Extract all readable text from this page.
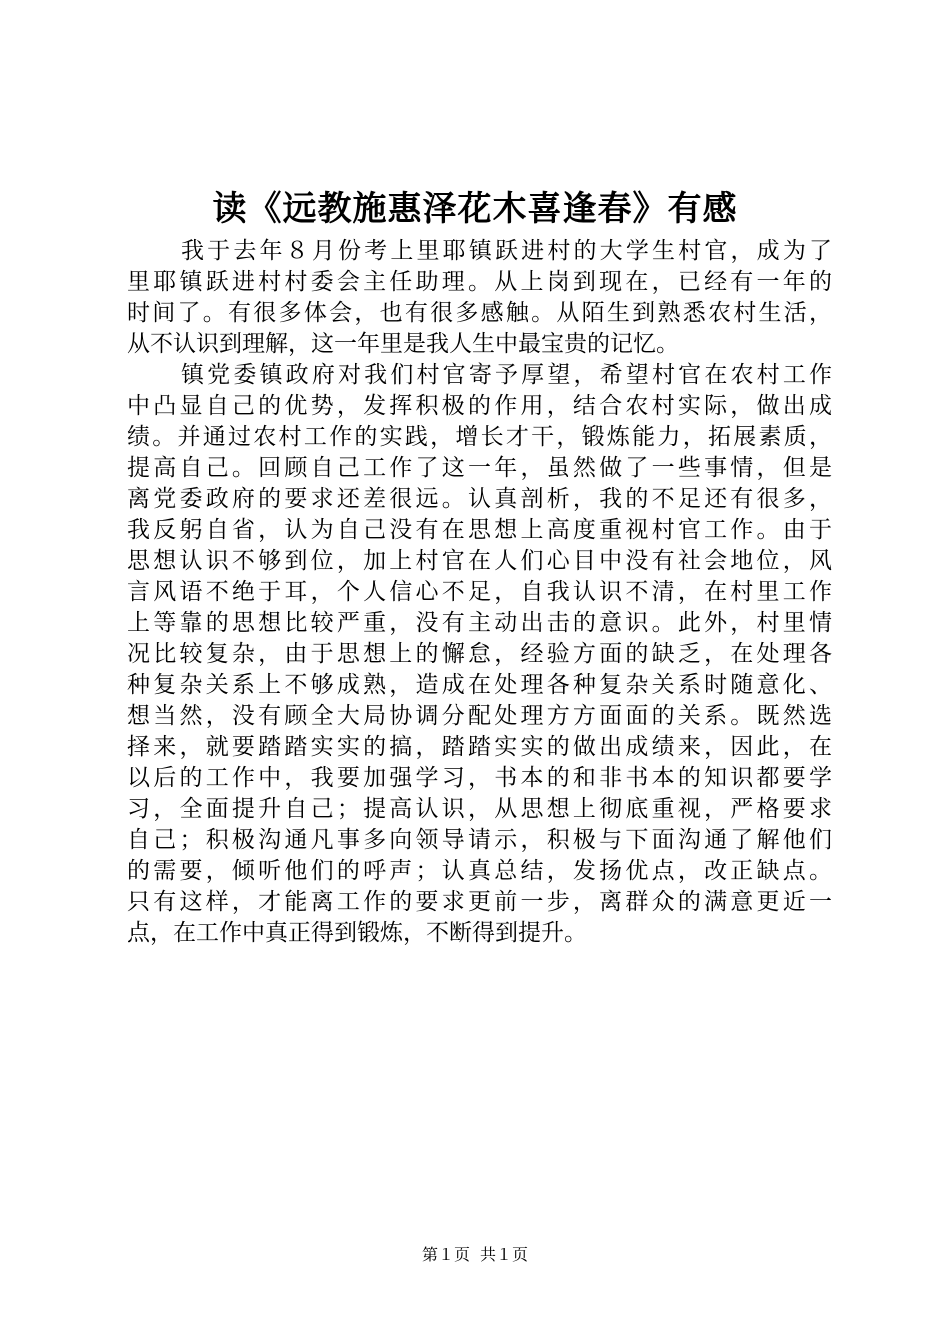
读《远教施惠泽花木喜逢春》有感
我于去年８月份考上里耶镇跃进村的大学生村官，成为了
里耶镇跃进村村委会主任助理。从上岗到现在，已经有一年的
时间了。有很多体会，也有很多感触。从陌生到熟悉农村生活，
从不认识到理解，这一年里是我人生中最宝贵的记忆。
镇党委镇政府对我们村官寄予厚望，希望村官在农村工作
中凸显自己的优势，发挥积极的作用，结合农村实际，做出成
绩。并通过农村工作的实践，增长才干，锻炼能力，拓展素质，
提高自己。回顾自己工作了这一年，虽然做了一些事情，但是
离党委政府的要求还差很远。认真剖析，我的不足还有很多，
我反躬自省，认为自己没有在思想上高度重视村官工作。由于
思想认识不够到位，加上村官在人们心目中没有社会地位，风
言风语不绝于耳，个人信心不足，自我认识不清，在村里工作
上等靠的思想比较严重，没有主动出击的意识。此外，村里情
况比较复杂，由于思想上的懈怠，经验方面的缺乏，在处理各
种复杂关系上不够成熟，造成在处理各种复杂关系时随意化、
想当然，没有顾全大局协调分配处理方方面面的关系。既然选
择来，就要踏踏实实的搞，踏踏实实的做出成绩来，因此，在
以后的工作中，我要加强学习，书本的和非书本的知识都要学
习，全面提升自己；提高认识，从思想上彻底重视，严格要求
自己；积极沟通凡事多向领导请示，积极与下面沟通了解他们
的需要，倾听他们的呼声；认真总结，发扬优点，改正缺点。
只有这样，才能离工作的要求更前一步，离群众的满意更近一
点，在工作中真正得到锻炼，不断得到提升。
第１页 共１页
